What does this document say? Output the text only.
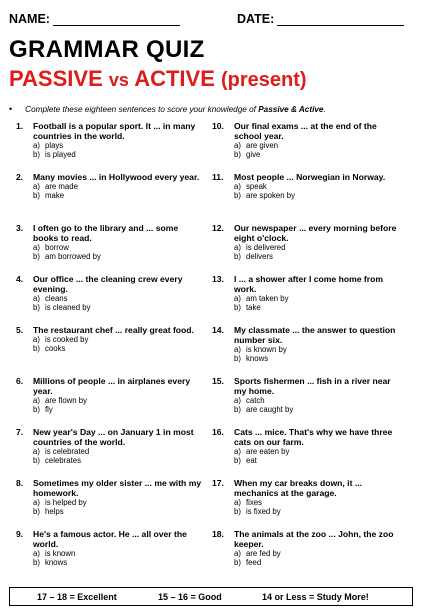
NAME:	DATE:
GRAMMAR QUIZ
PASSIVE vs ACTIVE (present)
• Complete these eighteen sentences to score your knowledge of Passive & Active.
1. Football is a popular sport. It ... in many countries in the world.
a) plays
b) is played
2. Many movies ... in Hollywood every year.
a) are made
b) make
3. I often go to the library and ... some books to read.
a) borrow
b) am borrowed by
4. Our office ... the cleaning crew every evening.
a) cleans
b) is cleaned by
5. The restaurant chef ... really great food.
a) is cooked by
b) cooks
6. Millions of people ... in airplanes every year.
a) are flown by
b) fly
7. New year's Day ... on January 1 in most countries of the world.
a) is celebrated
b) celebrates
8. Sometimes my older sister ... me with my homework.
a) is helped by
b) helps
9. He's a famous actor. He ... all over the world.
a) is known
b) knows
10. Our final exams ... at the end of the school year.
a) are given
b) give
11. Most people ... Norwegian in Norway.
a) speak
b) are spoken by
12. Our newspaper ... every morning before eight o'clock.
a) is delivered
b) delivers
13. I ... a shower after I come home from work.
a) am taken by
b) take
14. My classmate ... the answer to question number six.
a) is known by
b) knows
15. Sports fishermen ... fish in a river near my home.
a) catch
b) are caught by
16. Cats ... mice. That's why we have three cats on our farm.
a) are eaten by
b) eat
17. When my car breaks down, it ... mechanics at the garage.
a) fixes
b) is fixed by
18. The animals at the zoo ... John, the zoo keeper.
a) are fed by
b) feed
17 – 18 = Excellent	15 – 16 = Good	14 or Less = Study More!
